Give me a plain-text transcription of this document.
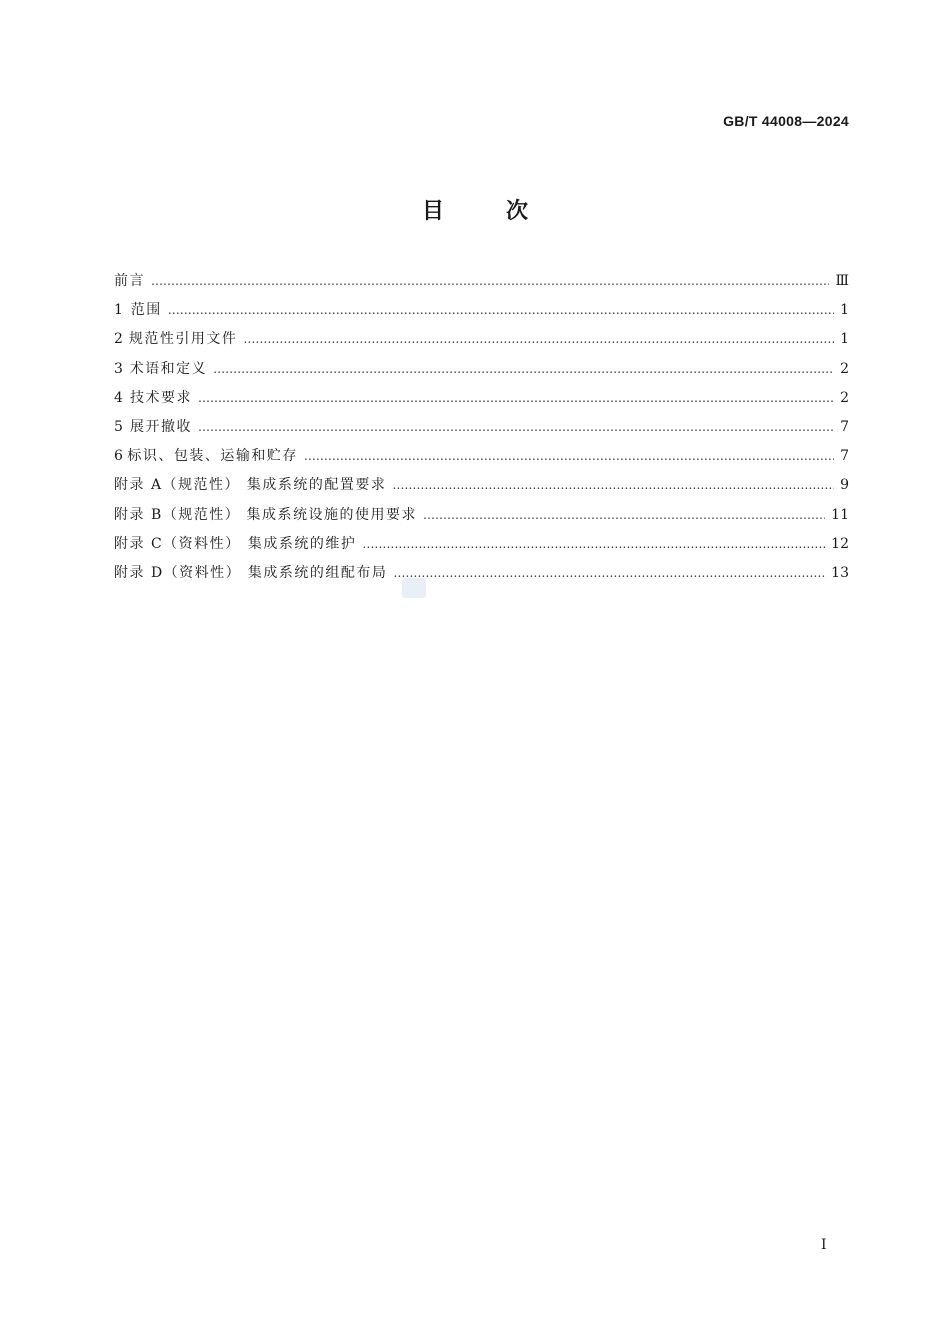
GB/T 44008—2024
目	次
前言 ……………………………………………………………………………………………………………………………………………………………………………………………………………………………………	Ⅲ
1 范围 ……………………………………………………………………………………………………………………………………………………………………………………………………………………………………	1
2 规范性引用文件 ……………………………………………………………………………………………………………………………………………………………………………………………………………………………………	1
3 术语和定义 ……………………………………………………………………………………………………………………………………………………………………………………………………………………………………	2
4 技术要求 ……………………………………………………………………………………………………………………………………………………………………………………………………………………………………	2
5 展开撤收 ……………………………………………………………………………………………………………………………………………………………………………………………………………………………………	7
6 标识、包装、运输和贮存 ……………………………………………………………………………………………………………………………………………………………………………………………………………………………………	7
附录 A（规范性） 集成系统的配置要求 ……………………………………………………………………………………………………………………………………………………………………………………………………………………………………	9
附录 B（规范性） 集成系统设施的使用要求 ……………………………………………………………………………………………………………………………………………………………………………………………………………………………………	11
附录 C（资料性） 集成系统的维护 ……………………………………………………………………………………………………………………………………………………………………………………………………………………………………	12
附录 D（资料性） 集成系统的组配布局 ……………………………………………………………………………………………………………………………………………………………………………………………………………………………………	13
I
